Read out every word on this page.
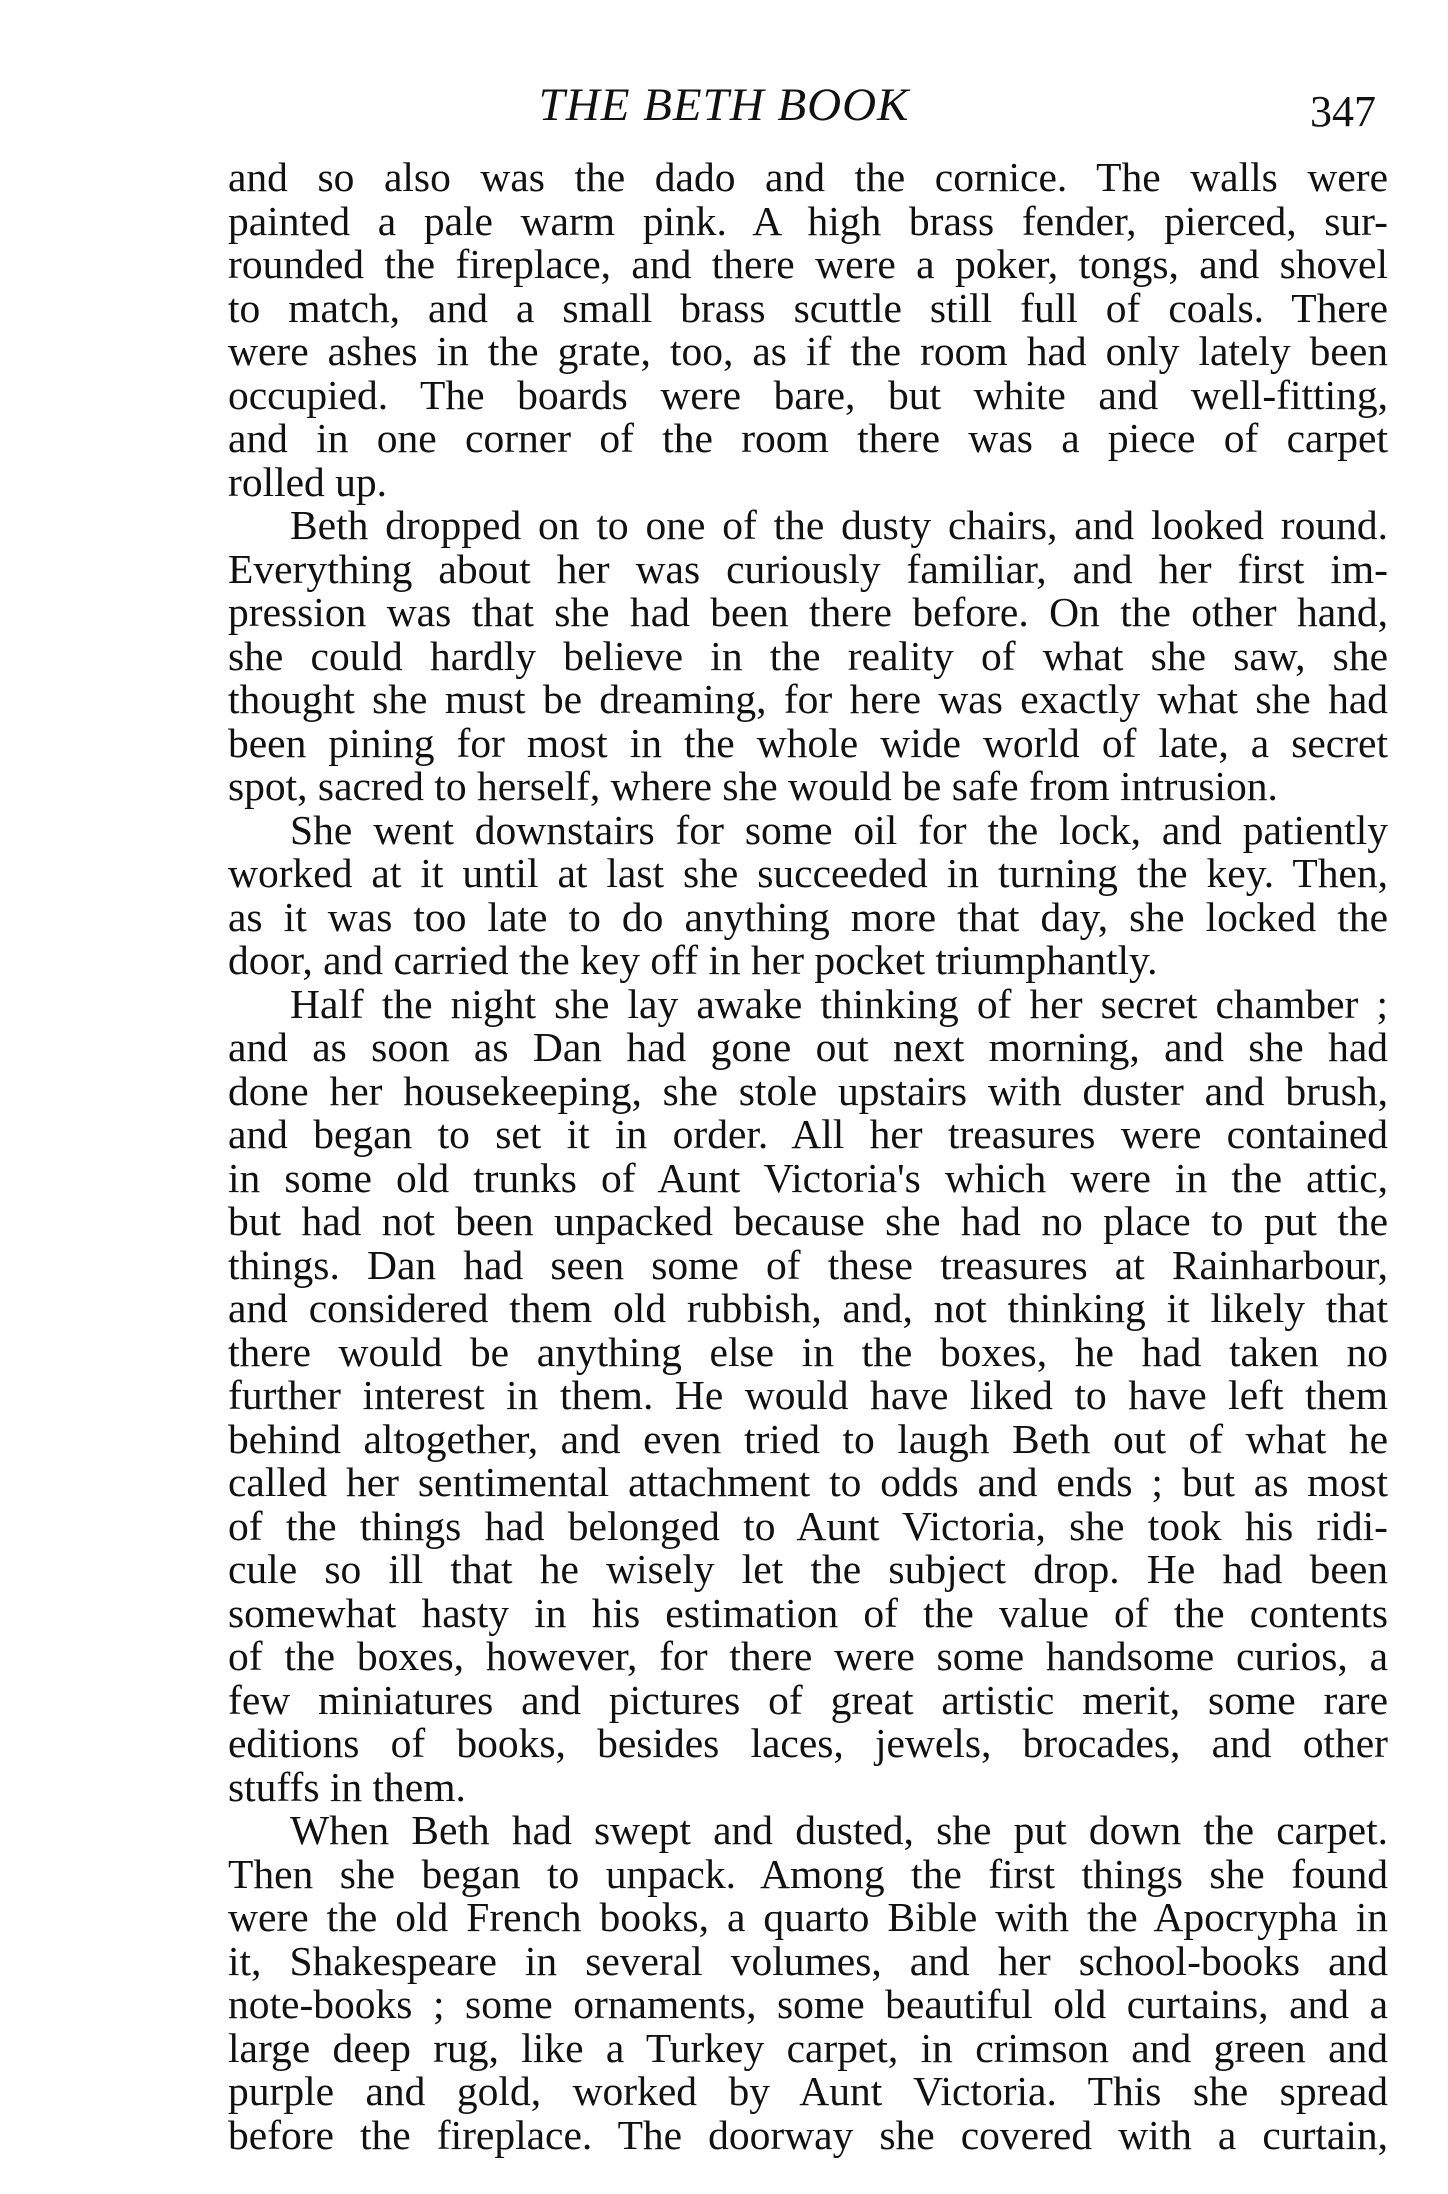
THE BETH BOOK	347
and so also was the dado and the cornice. The walls were
painted a pale warm pink. A high brass fender, pierced, sur-
rounded the fireplace, and there were a poker, tongs, and shovel
to match, and a small brass scuttle still full of coals. There
were ashes in the grate, too, as if the room had only lately been
occupied. The boards were bare, but white and well-fitting,
and in one corner of the room there was a piece of carpet
rolled up.
Beth dropped on to one of the dusty chairs, and looked round.
Everything about her was curiously familiar, and her first im-
pression was that she had been there before. On the other hand,
she could hardly believe in the reality of what she saw, she
thought she must be dreaming, for here was exactly what she had
been pining for most in the whole wide world of late, a secret
spot, sacred to herself, where she would be safe from intrusion.
She went downstairs for some oil for the lock, and patiently
worked at it until at last she succeeded in turning the key. Then,
as it was too late to do anything more that day, she locked the
door, and carried the key off in her pocket triumphantly.
Half the night she lay awake thinking of her secret chamber ;
and as soon as Dan had gone out next morning, and she had
done her housekeeping, she stole upstairs with duster and brush,
and began to set it in order. All her treasures were contained
in some old trunks of Aunt Victoria's which were in the attic,
but had not been unpacked because she had no place to put the
things. Dan had seen some of these treasures at Rainharbour,
and considered them old rubbish, and, not thinking it likely that
there would be anything else in the boxes, he had taken no
further interest in them. He would have liked to have left them
behind altogether, and even tried to laugh Beth out of what he
called her sentimental attachment to odds and ends ; but as most
of the things had belonged to Aunt Victoria, she took his ridi-
cule so ill that he wisely let the subject drop. He had been
somewhat hasty in his estimation of the value of the contents
of the boxes, however, for there were some handsome curios, a
few miniatures and pictures of great artistic merit, some rare
editions of books, besides laces, jewels, brocades, and other
stuffs in them.
When Beth had swept and dusted, she put down the carpet.
Then she began to unpack. Among the first things she found
were the old French books, a quarto Bible with the Apocrypha in
it, Shakespeare in several volumes, and her school-books and
note-books ; some ornaments, some beautiful old curtains, and a
large deep rug, like a Turkey carpet, in crimson and green and
purple and gold, worked by Aunt Victoria. This she spread
before the fireplace. The doorway she covered with a curtain,
